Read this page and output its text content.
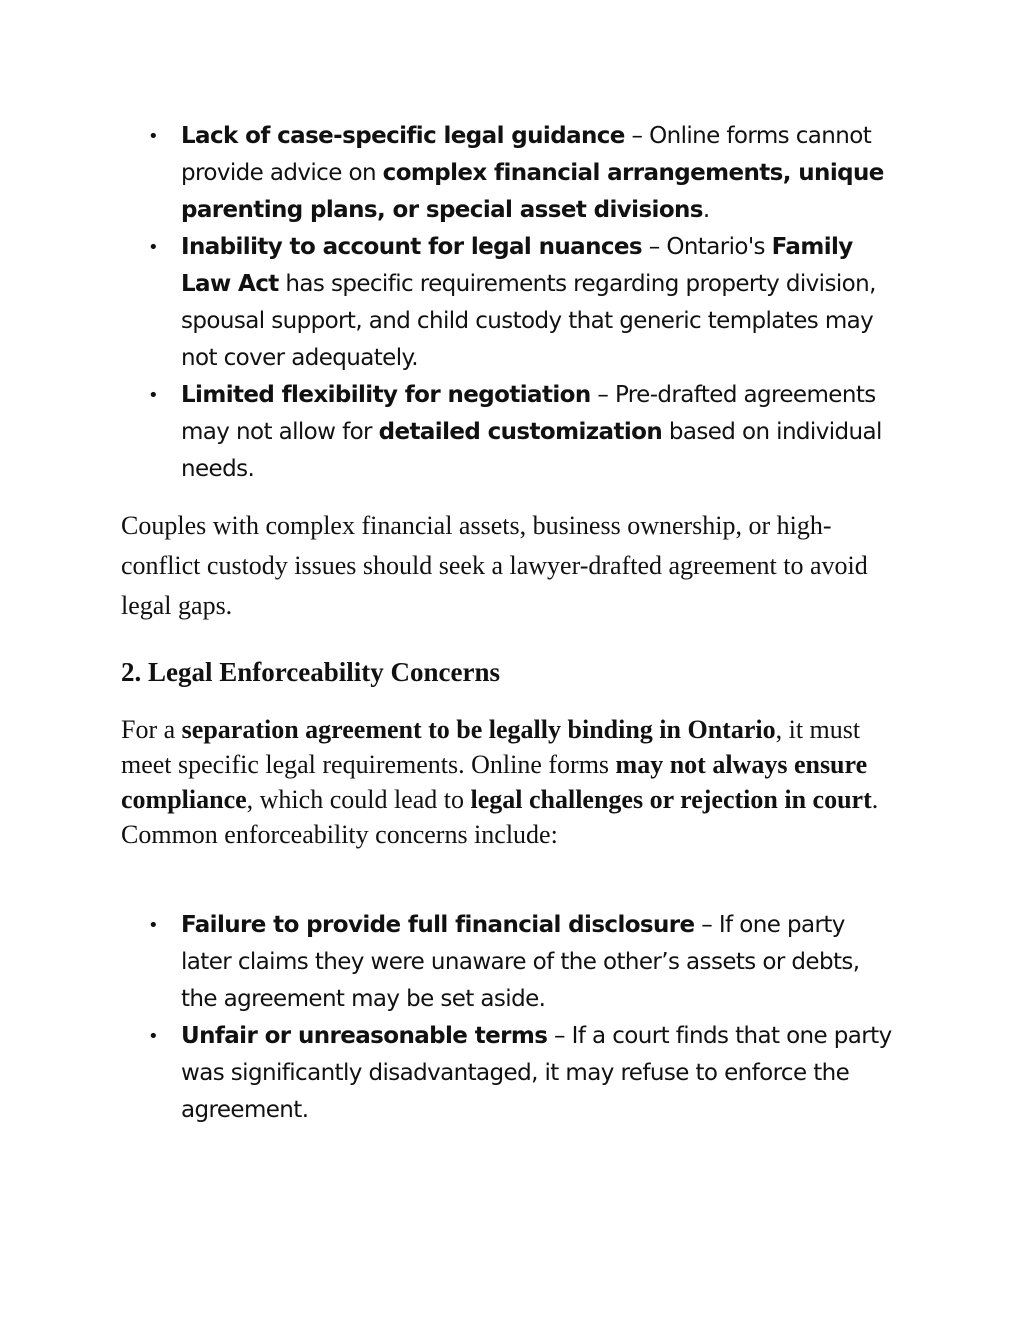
• Lack of case-specific legal guidance – Online forms cannot provide advice on complex financial arrangements, unique parenting plans, or special asset divisions.
• Inability to account for legal nuances – Ontario's Family Law Act has specific requirements regarding property division, spousal support, and child custody that generic templates may not cover adequately.
• Limited flexibility for negotiation – Pre-drafted agreements may not allow for detailed customization based on individual needs.

Couples with complex financial assets, business ownership, or high-conflict custody issues should seek a lawyer-drafted agreement to avoid legal gaps.

2. Legal Enforceability Concerns

For a separation agreement to be legally binding in Ontario, it must meet specific legal requirements. Online forms may not always ensure compliance, which could lead to legal challenges or rejection in court. Common enforceability concerns include:

• Failure to provide full financial disclosure – If one party later claims they were unaware of the other’s assets or debts, the agreement may be set aside.
• Unfair or unreasonable terms – If a court finds that one party was significantly disadvantaged, it may refuse to enforce the agreement.
